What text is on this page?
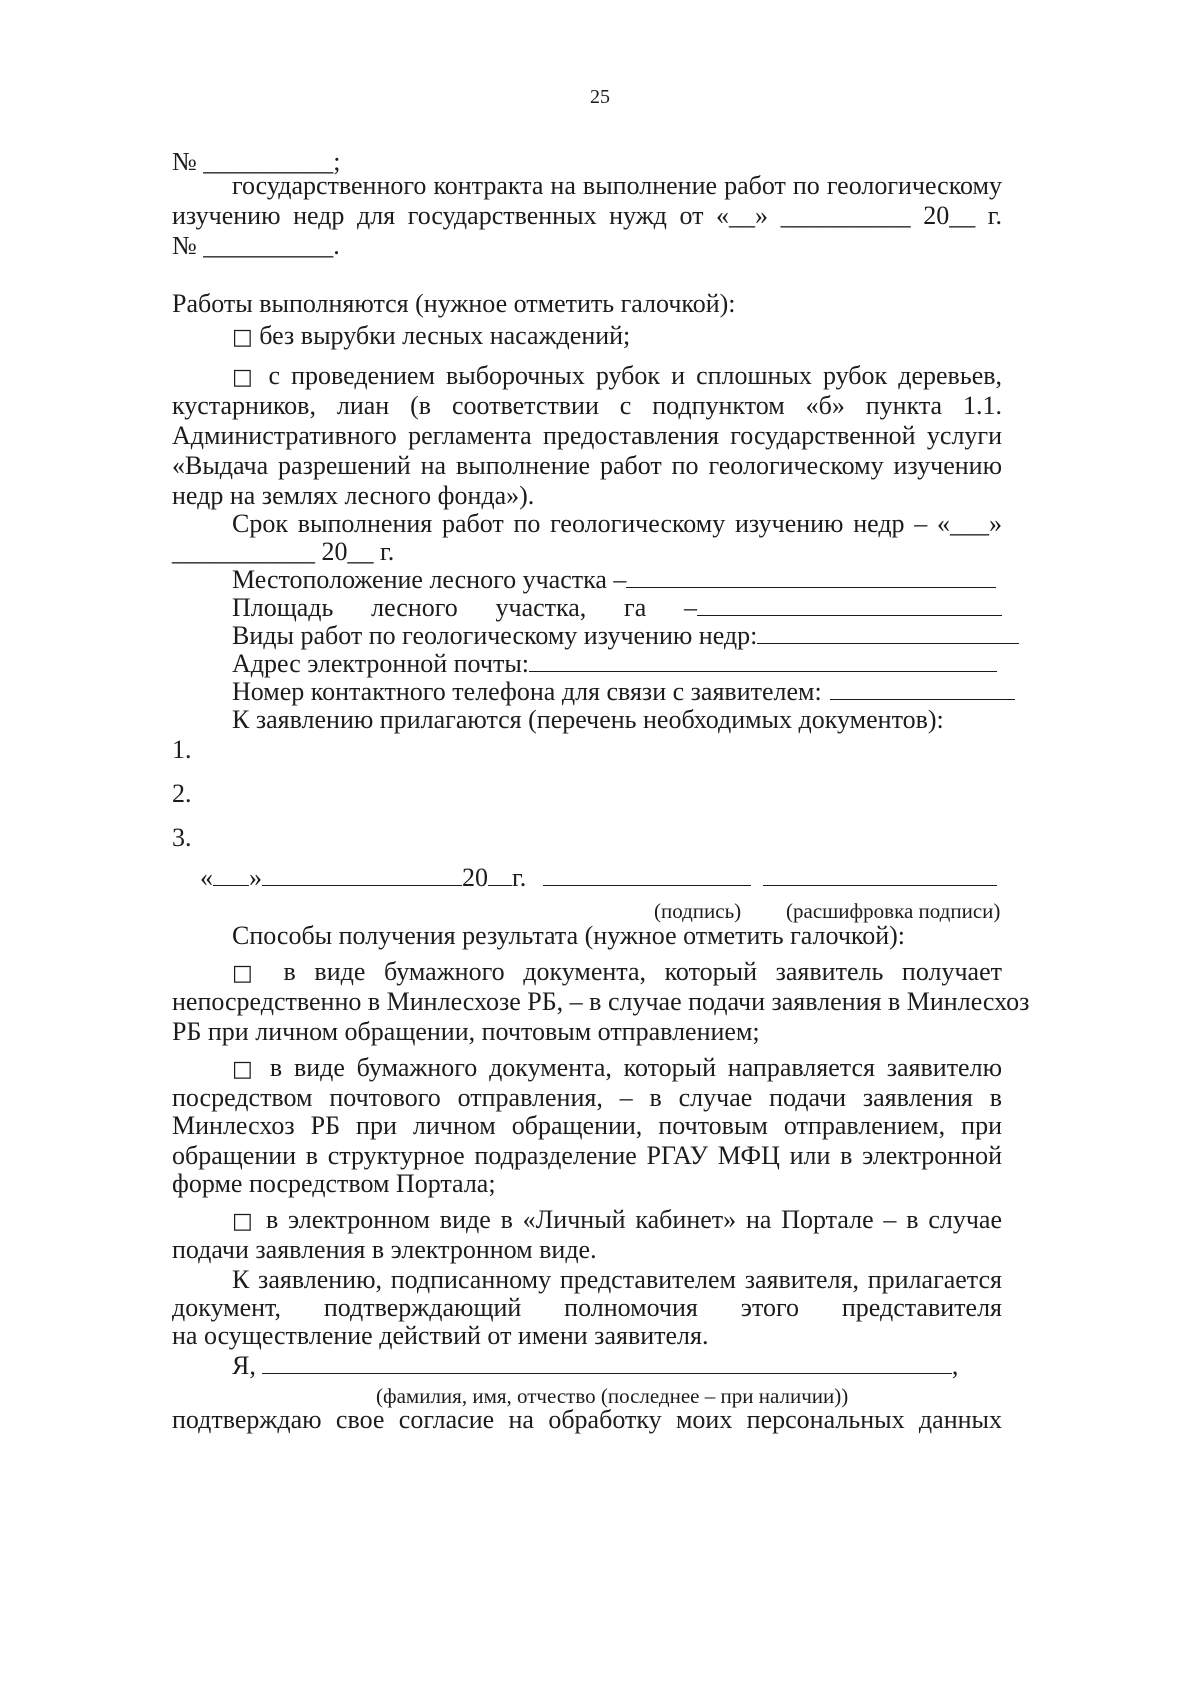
25
№ __________;
государственного контракта на выполнение работ по геологическому
изучению недр для государственных нужд от «__» __________ 20__ г.
№ __________.
Работы выполняются (нужное отметить галочкой):
□ без вырубки лесных насаждений;
□ с проведением выборочных рубок и сплошных рубок деревьев,
кустарников, лиан (в соответствии с подпунктом «б» пункта 1.1.
Административного регламента предоставления государственной услуги
«Выдача разрешений на выполнение работ по геологическому изучению
недр на землях лесного фонда»).
Срок выполнения работ по геологическому изучению недр – «___»
___________ 20__ г.
Местоположение лесного участка –
Площадь лесного участка, га –
Виды работ по геологическому изучению недр:
Адрес электронной почты:
Номер контактного телефона для связи с заявителем:
К заявлению прилагаются (перечень необходимых документов):
1.
2.
3.
« »	20 г.
(подпись) (расшифровка подписи)
Способы получения результата (нужное отметить галочкой):
□ в виде бумажного документа, который заявитель получает
непосредственно в Минлесхозе РБ, – в случае подачи заявления в Минлесхоз
РБ при личном обращении, почтовым отправлением;
□ в виде бумажного документа, который направляется заявителю
посредством почтового отправления, – в случае подачи заявления в
Минлесхоз РБ при личном обращении, почтовым отправлением, при
обращении в структурное подразделение РГАУ МФЦ или в электронной
форме посредством Портала;
□ в электронном виде в «Личный кабинет» на Портале – в случае
подачи заявления в электронном виде.
К заявлению, подписанному представителем заявителя, прилагается
документ, подтверждающий полномочия этого представителя
на осуществление действий от имени заявителя.
Я,	,
(фамилия, имя, отчество (последнее – при наличии))
подтверждаю свое согласие на обработку моих персональных данных
